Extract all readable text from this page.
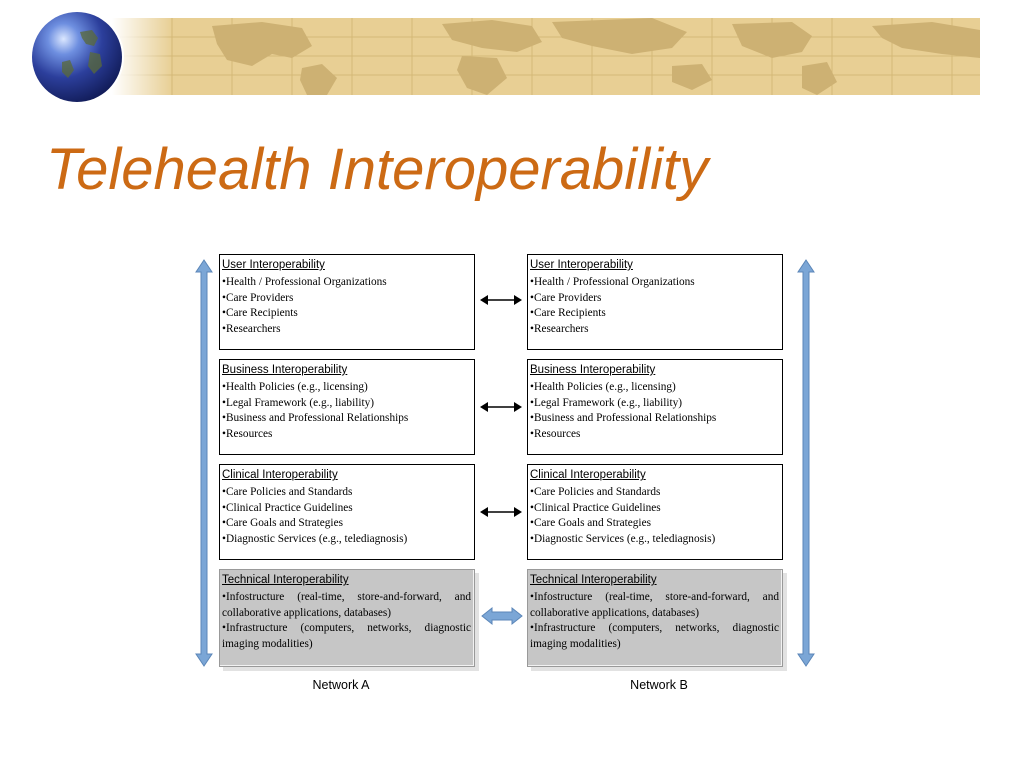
Telehealth Interoperability
User Interoperability
• Health / Professional Organizations
• Care Providers
• Care Recipients
• Researchers
Business Interoperability
• Health Policies (e.g., licensing)
• Legal Framework (e.g., liability)
• Business and Professional Relationships
• Resources
Clinical Interoperability
• Care Policies and Standards
• Clinical Practice Guidelines
• Care Goals and Strategies
• Diagnostic Services (e.g., telediagnosis)
Technical Interoperability
• Infostructure (real-time, store-and-forward, and collaborative applications, databases)
• Infrastructure (computers, networks, diagnostic imaging modalities)
Network A
User Interoperability
• Health / Professional Organizations
• Care Providers
• Care Recipients
• Researchers
Business Interoperability
• Health Policies (e.g., licensing)
• Legal Framework (e.g., liability)
• Business and Professional Relationships
• Resources
Clinical Interoperability
• Care Policies and Standards
• Clinical Practice Guidelines
• Care Goals and Strategies
• Diagnostic Services (e.g., telediagnosis)
Technical Interoperability
• Infostructure (real-time, store-and-forward, and collaborative applications, databases)
• Infrastructure (computers, networks, diagnostic imaging modalities)
Network B
